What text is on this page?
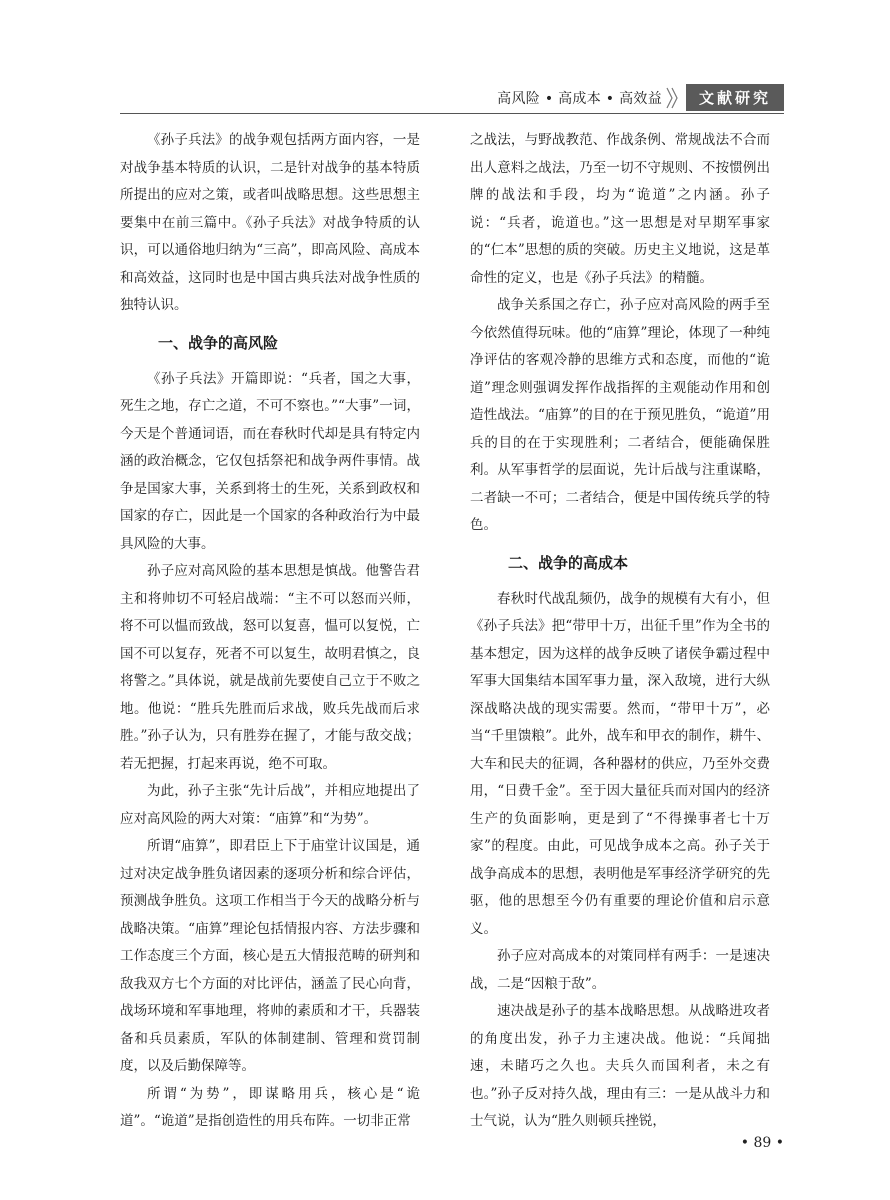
高风险 • 高成本 • 高效益	文献研究

《孙子兵法》的战争观包括两方面内容，一是对战争基本特质的认识，二是针对战争的基本特质所提出的应对之策，或者叫战略思想。这些思想主要集中在前三篇中。《孙子兵法》对战争特质的认识，可以通俗地归纳为“三高”，即高风险、高成本和高效益，这同时也是中国古典兵法对战争性质的独特认识。

一、战争的高风险

《孙子兵法》开篇即说：“兵者，国之大事，死生之地，存亡之道，不可不察也。”“大事”一词，今天是个普通词语，而在春秋时代却是具有特定内涵的政治概念，它仅包括祭祀和战争两件事情。战争是国家大事，关系到将士的生死，关系到政权和国家的存亡，因此是一个国家的各种政治行为中最具风险的大事。

孙子应对高风险的基本思想是慎战。他警告君主和将帅切不可轻启战端：“主不可以怒而兴师，将不可以愠而致战，怒可以复喜，愠可以复悦，亡国不可以复存，死者不可以复生，故明君慎之，良将警之。”具体说，就是战前先要使自己立于不败之地。他说：“胜兵先胜而后求战，败兵先战而后求胜。”孙子认为，只有胜券在握了，才能与敌交战；若无把握，打起来再说，绝不可取。

为此，孙子主张“先计后战”，并相应地提出了应对高风险的两大对策：“庙算”和“为势”。

所谓“庙算”，即君臣上下于庙堂计议国是，通过对决定战争胜负诸因素的逐项分析和综合评估，预测战争胜负。这项工作相当于今天的战略分析与战略决策。“庙算”理论包括情报内容、方法步骤和工作态度三个方面，核心是五大情报范畴的研判和敌我双方七个方面的对比评估，涵盖了民心向背，战场环境和军事地理，将帅的素质和才干，兵器装备和兵员素质，军队的体制建制、管理和赏罚制度，以及后勤保障等。

所谓“为势”，即谋略用兵，核心是“诡道”。“诡道”是指创造性的用兵布阵。一切非正常

之战法，与野战教范、作战条例、常规战法不合而出人意料之战法，乃至一切不守规则、不按惯例出牌的战法和手段，均为“诡道”之内涵。孙子说：“兵者，诡道也。”这一思想是对早期军事家的“仁本”思想的质的突破。历史主义地说，这是革命性的定义，也是《孙子兵法》的精髓。

战争关系国之存亡，孙子应对高风险的两手至今依然值得玩味。他的“庙算”理论，体现了一种纯净评估的客观冷静的思维方式和态度，而他的“诡道”理念则强调发挥作战指挥的主观能动作用和创造性战法。“庙算”的目的在于预见胜负，“诡道”用兵的目的在于实现胜利；二者结合，便能确保胜利。从军事哲学的层面说，先计后战与注重谋略，二者缺一不可；二者结合，便是中国传统兵学的特色。

二、战争的高成本

春秋时代战乱频仍，战争的规模有大有小，但《孙子兵法》把“带甲十万，出征千里”作为全书的基本想定，因为这样的战争反映了诸侯争霸过程中军事大国集结本国军事力量，深入敌境，进行大纵深战略决战的现实需要。然而，“带甲十万”，必当“千里馈粮”。此外，战车和甲衣的制作，耕牛、大车和民夫的征调，各种器材的供应，乃至外交费用，“日费千金”。至于因大量征兵而对国内的经济生产的负面影响，更是到了“不得操事者七十万家”的程度。由此，可见战争成本之高。孙子关于战争高成本的思想，表明他是军事经济学研究的先驱，他的思想至今仍有重要的理论价值和启示意义。

孙子应对高成本的对策同样有两手：一是速决战，二是“因粮于敌”。

速决战是孙子的基本战略思想。从战略进攻者的角度出发，孙子力主速决战。他说：“兵闻拙速，未睹巧之久也。夫兵久而国利者，未之有也。”孙子反对持久战，理由有三：一是从战斗力和士气说，认为“胜久则顿兵挫锐，

• 89 •
